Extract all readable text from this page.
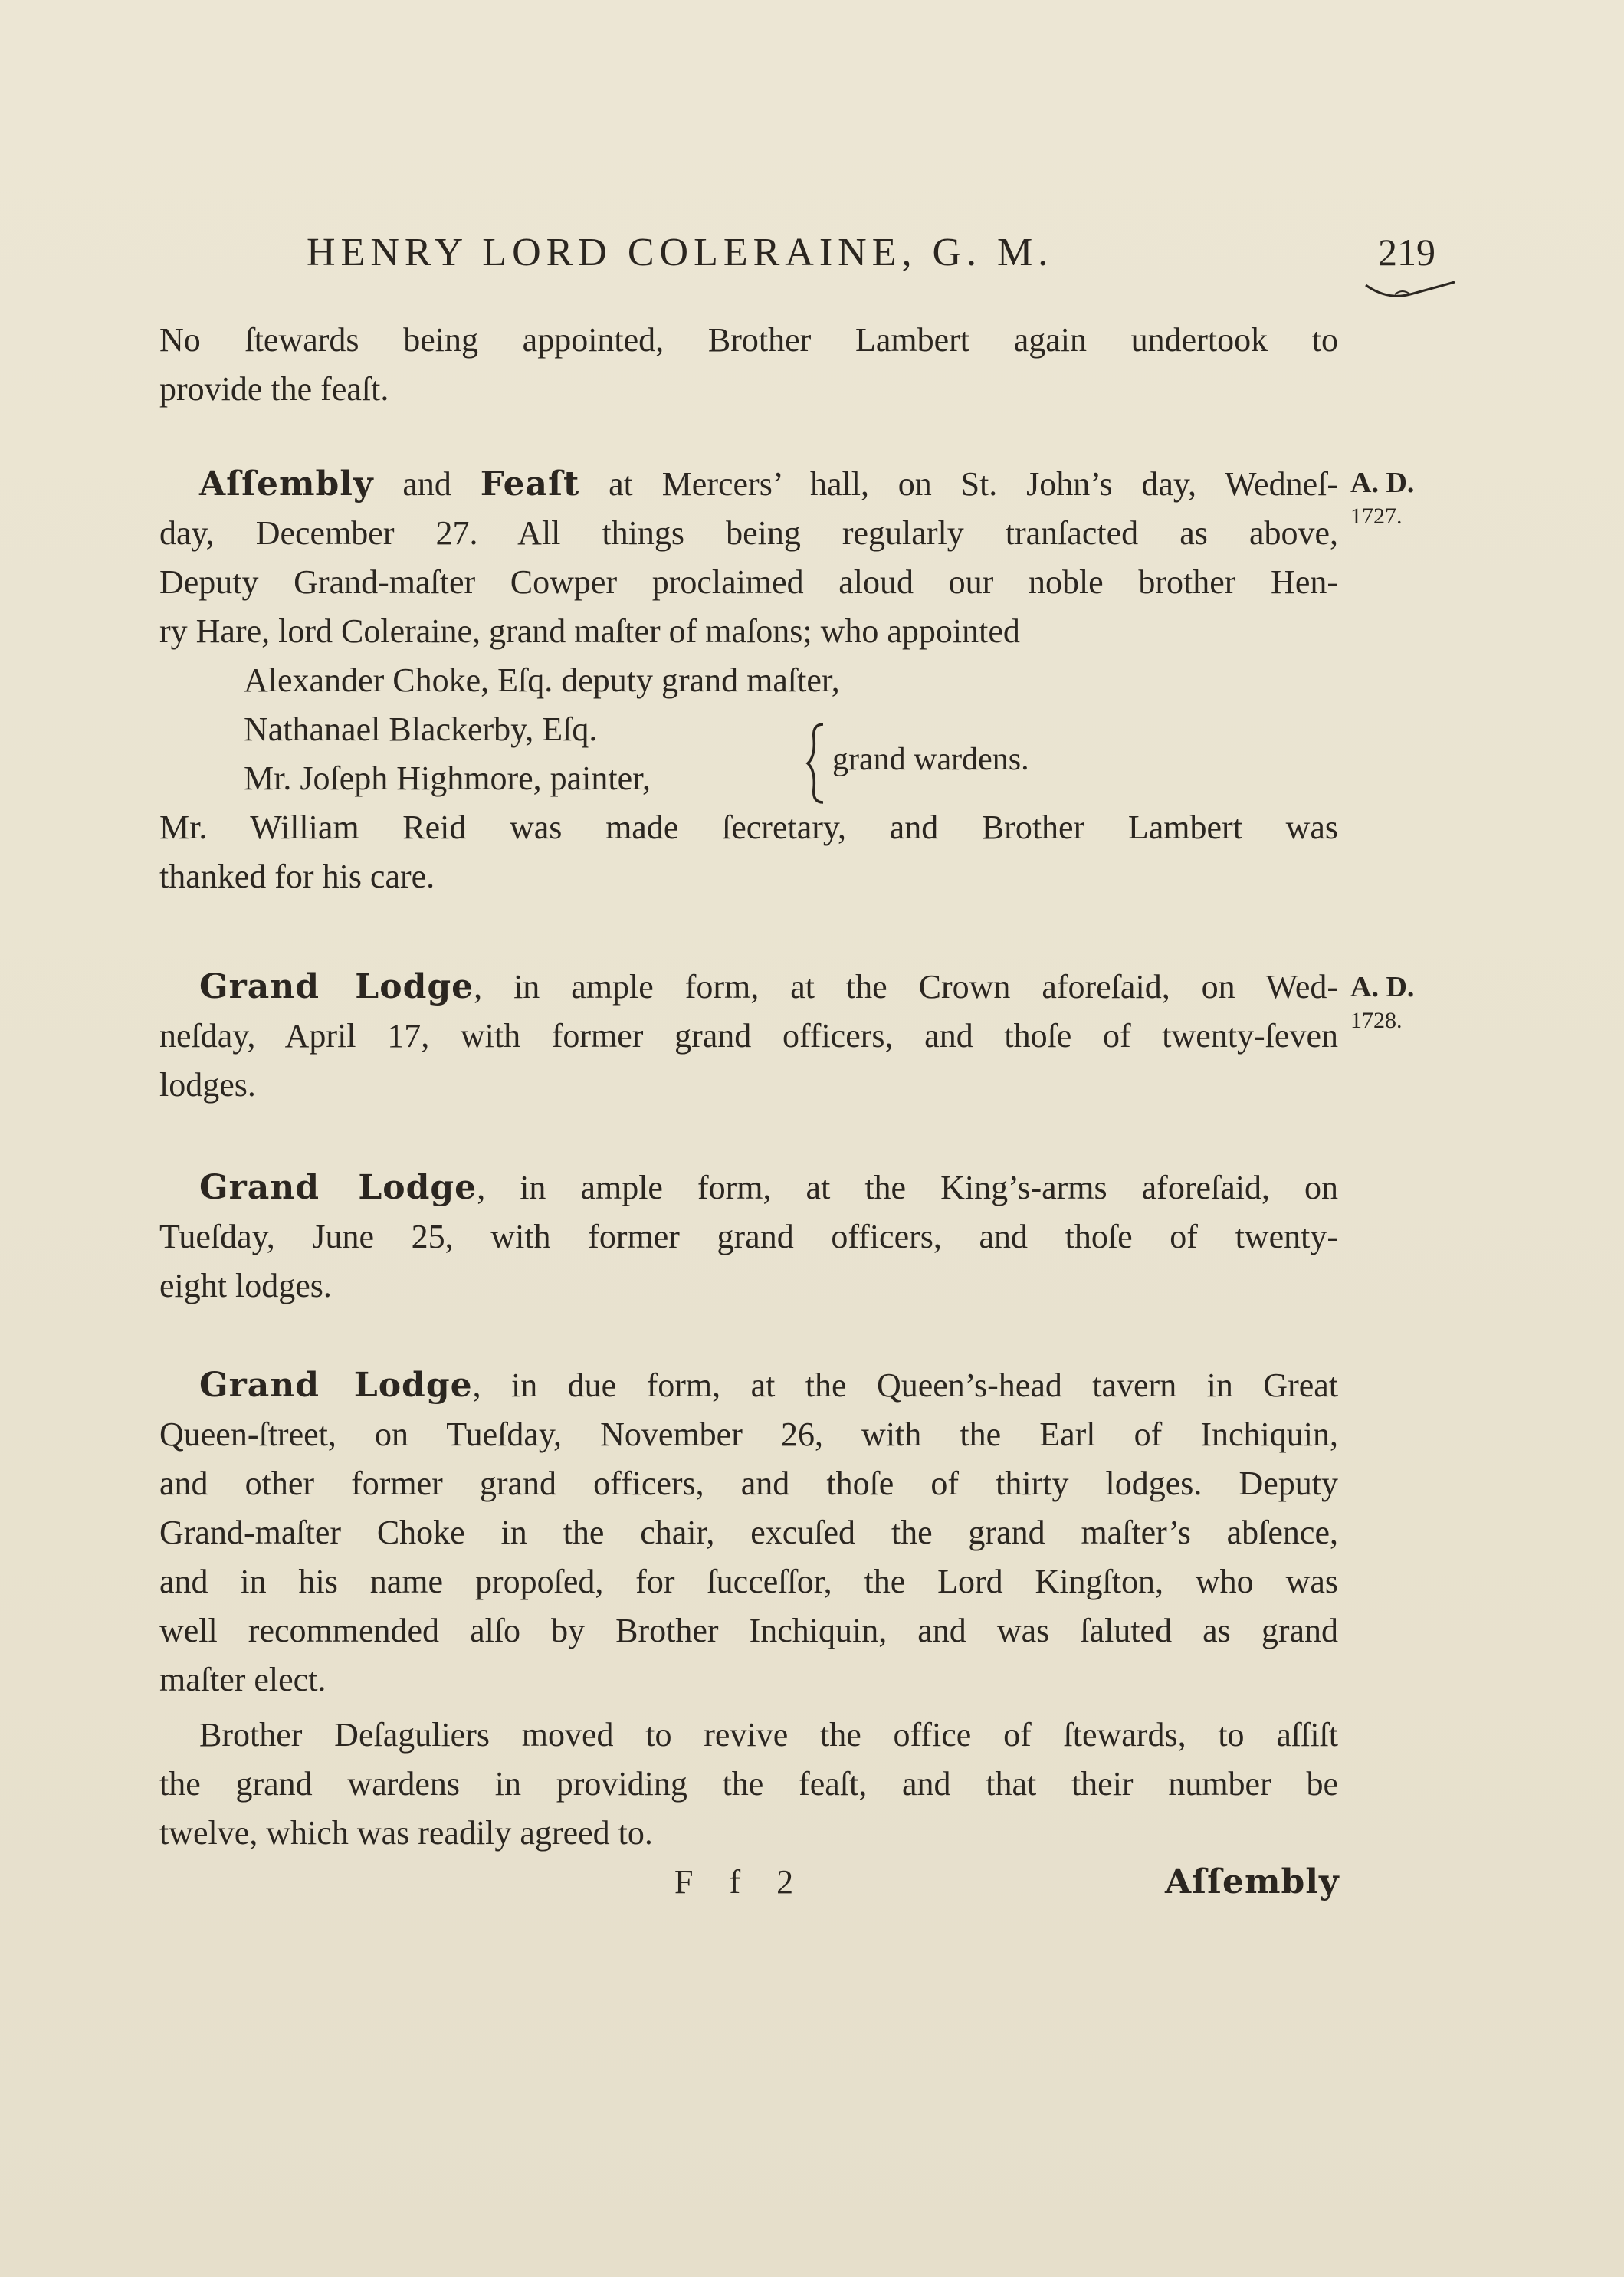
HENRY LORD COLERAINE, G. M.	219
No ſtewards being appointed, Brother Lambert again undertook to
provide the feaſt.
Aſſembly and Feaſt at Mercers’ hall, on St. John’s day, Wedneſ-
day, December 27. All things being regularly tranſacted as above,
Deputy Grand-maſter Cowper proclaimed aloud our noble brother Hen-
ry Hare, lord Coleraine, grand maſter of maſons; who appointed
Alexander Choke, Eſq. deputy grand maſter,
Nathanael Blackerby, Eſq.
Mr. Joſeph Highmore, painter,
Mr. William Reid was made ſecretary, and Brother Lambert was
thanked for his care.
grand wardens.
A. D.
1727.
Grand Lodge, in ample form, at the Crown aforeſaid, on Wed-
neſday, April 17, with former grand officers, and thoſe of twenty-ſeven
lodges.
A. D.
1728.
Grand Lodge, in ample form, at the King’s-arms aforeſaid, on
Tueſday, June 25, with former grand officers, and thoſe of twenty-
eight lodges.
Grand Lodge, in due form, at the Queen’s-head tavern in Great
Queen-ſtreet, on Tueſday, November 26, with the Earl of Inchiquin,
and other former grand officers, and thoſe of thirty lodges. Deputy
Grand-maſter Choke in the chair, excuſed the grand maſter’s abſence,
and in his name propoſed, for ſucceſſor, the Lord Kingſton, who was
well recommended alſo by Brother Inchiquin, and was ſaluted as grand
maſter elect.
Brother Deſaguliers moved to revive the office of ſtewards, to aſſiſt
the grand wardens in providing the feaſt, and that their number be
twelve, which was readily agreed to.
F f 2	Aſſembly
